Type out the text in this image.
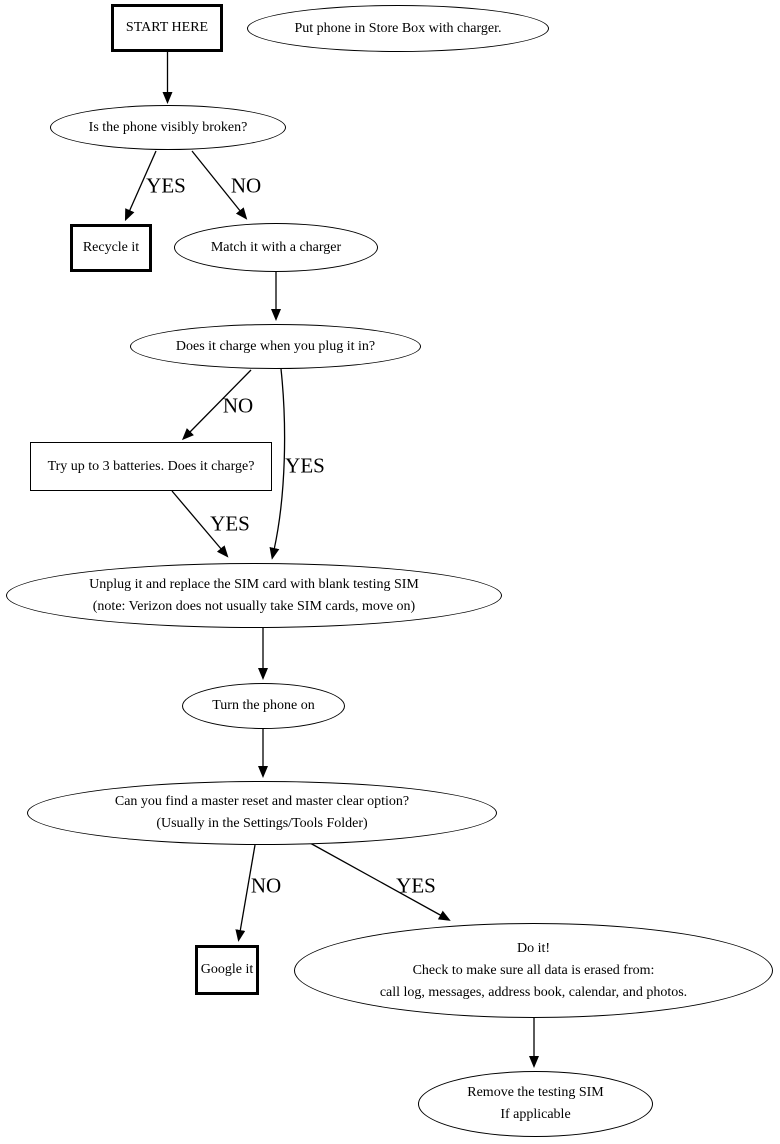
START HERE	Put phone in Store Box with charger.
Is the phone visibly broken?
Recycle it	Match it with a charger
Does it charge when you plug it in?
Try up to 3 batteries. Does it charge?
Unplug it and replace the SIM card with blank testing SIM
(note: Verizon does not usually take SIM cards, move on)
Turn the phone on
Can you find a master reset and master clear option?
(Usually in the Settings/Tools Folder)
Google it
Do it!
Check to make sure all data is erased from:
call log, messages, address book, calendar, and photos.
Remove the testing SIM
If applicable
YES NO
NO
YES
YES
NO	YES
